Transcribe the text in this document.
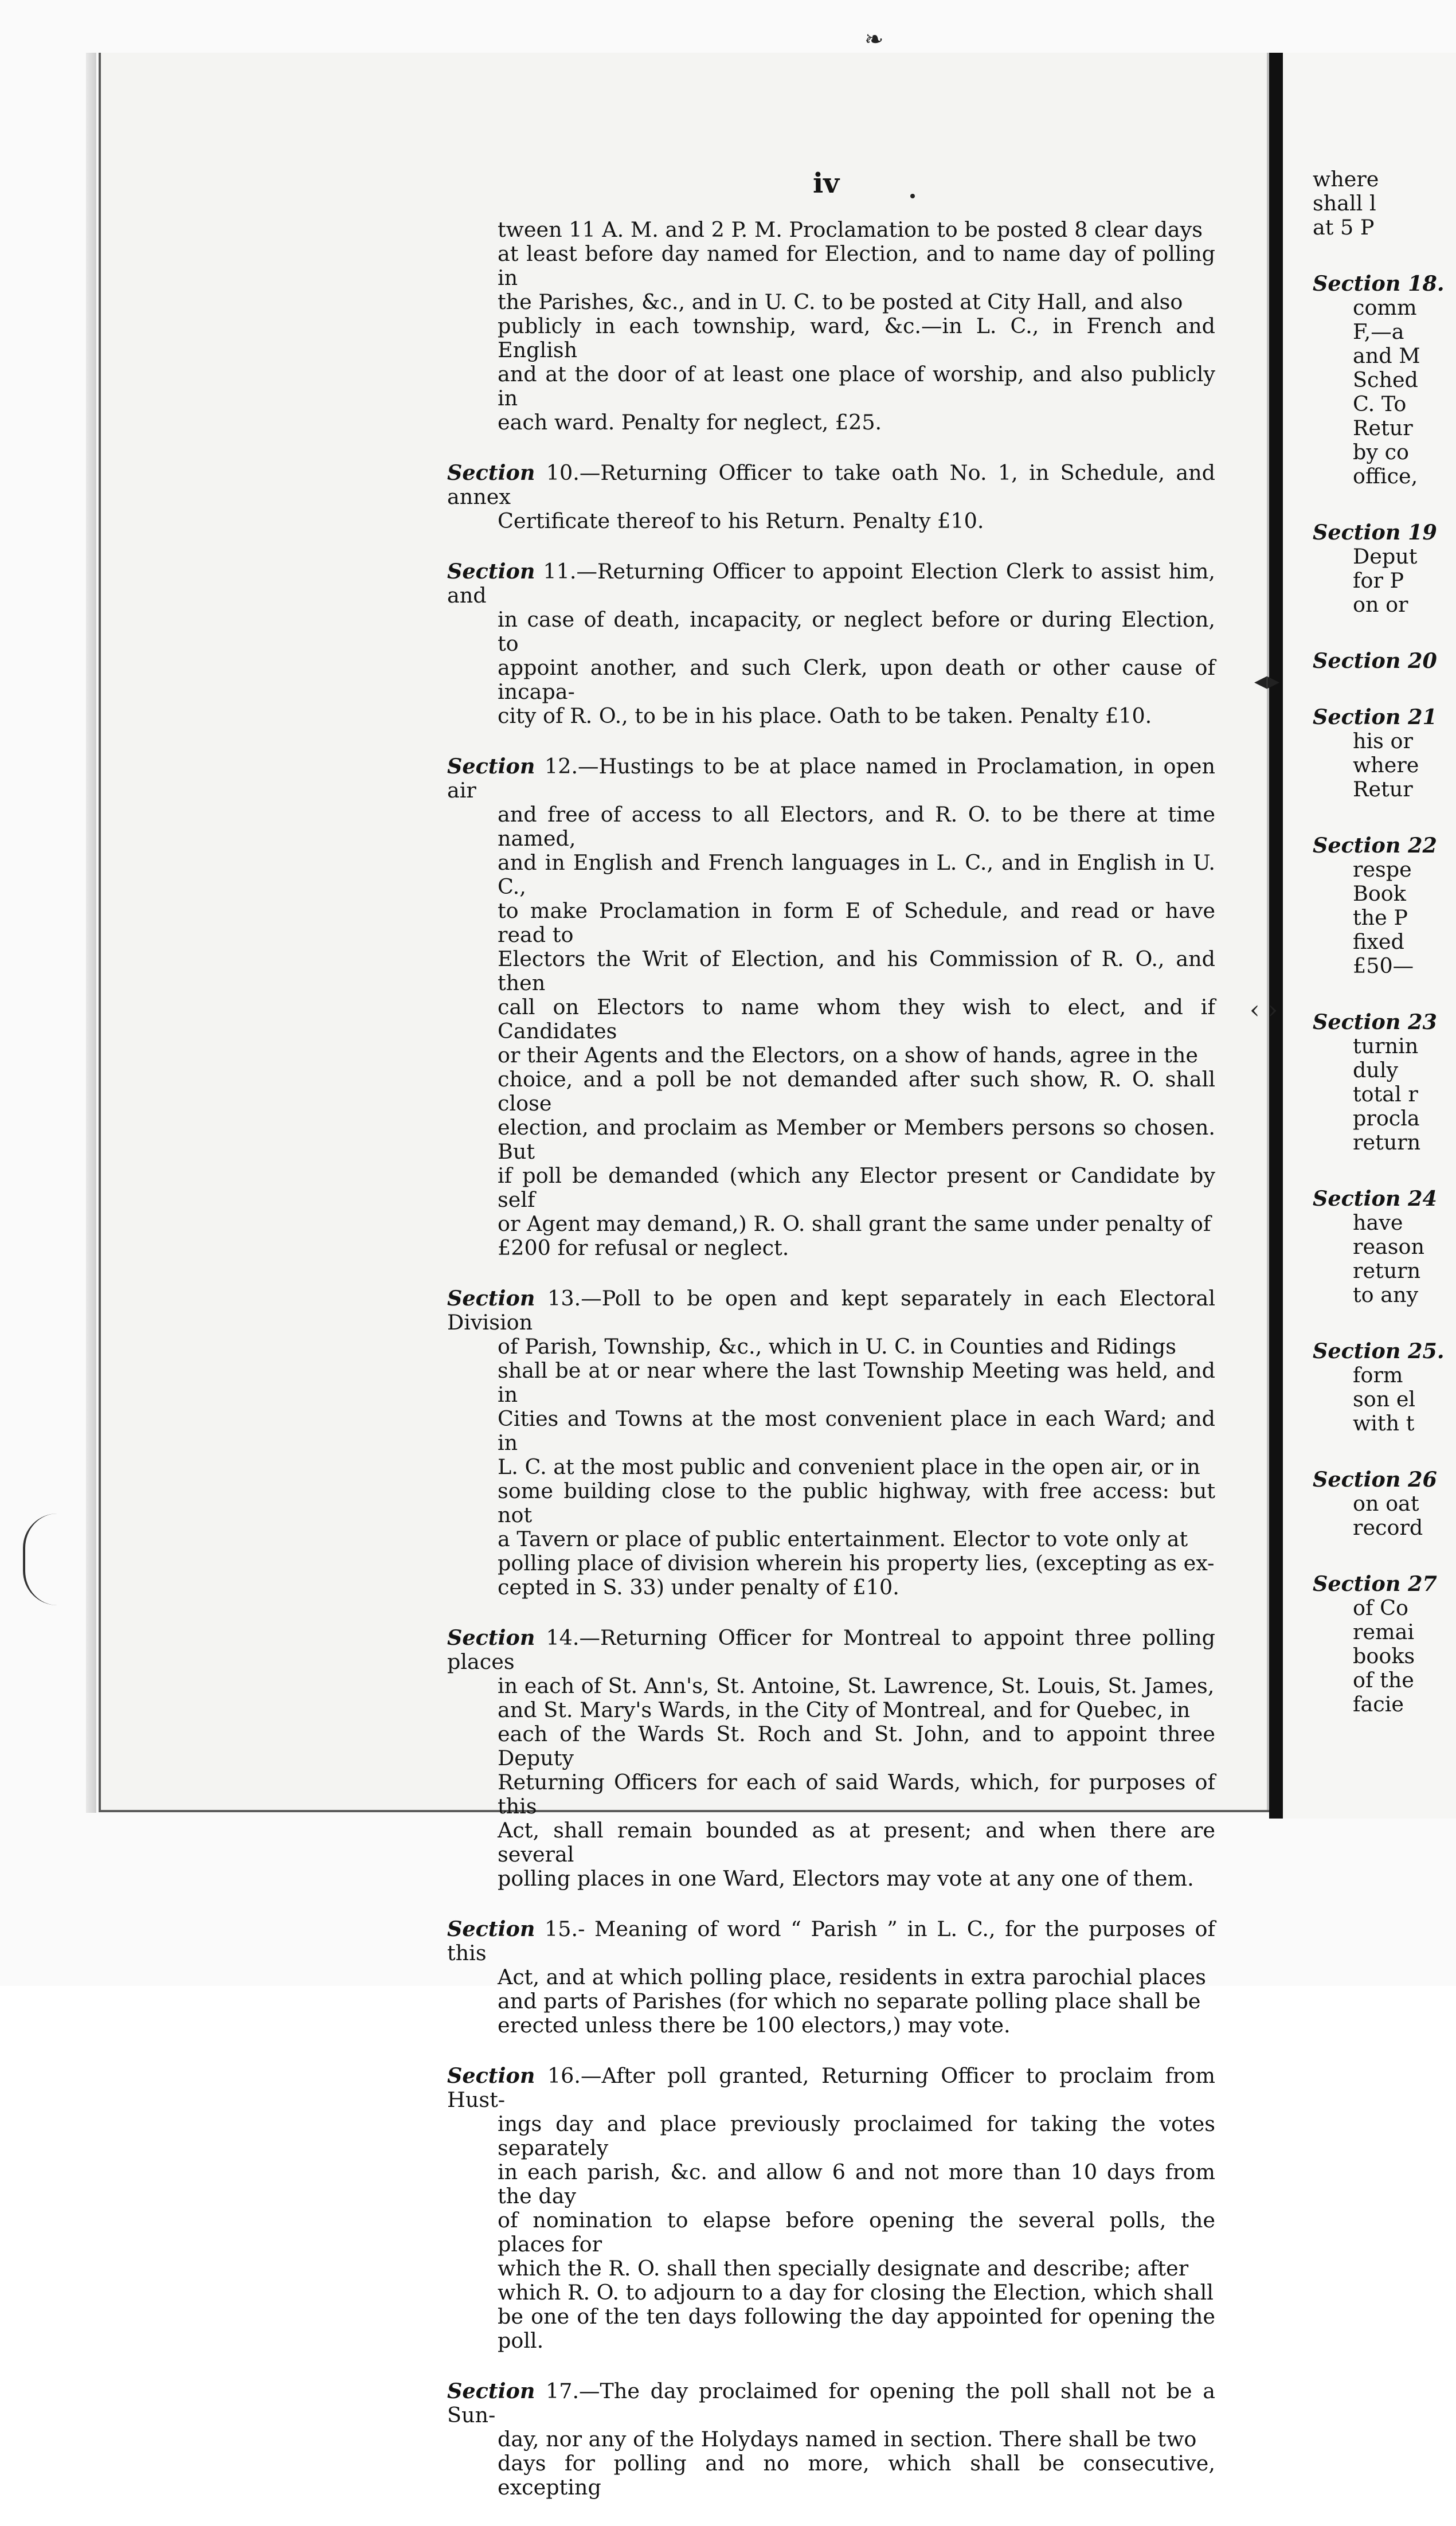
❧
◂▸
‹ ›
iv
tween 11 A. M. and 2 P. M. Proclamation to be posted 8 clear days
at least before day named for Election, and to name day of polling in
the Parishes, &c., and in U. C. to be posted at City Hall, and also
publicly in each township, ward, &c.—in L. C., in French and English
and at the door of at least one place of worship, and also publicly in
each ward. Penalty for neglect, £25.
Section 10.—Returning Officer to take oath No. 1, in Schedule, and annex
Certificate thereof to his Return. Penalty £10.
Section 11.—Returning Officer to appoint Election Clerk to assist him, and
in case of death, incapacity, or neglect before or during Election, to
appoint another, and such Clerk, upon death or other cause of incapa-
city of R. O., to be in his place. Oath to be taken. Penalty £10.
Section 12.—Hustings to be at place named in Proclamation, in open air
and free of access to all Electors, and R. O. to be there at time named,
and in English and French languages in L. C., and in English in U. C.,
to make Proclamation in form E of Schedule, and read or have read to
Electors the Writ of Election, and his Commission of R. O., and then
call on Electors to name whom they wish to elect, and if Candidates
or their Agents and the Electors, on a show of hands, agree in the
choice, and a poll be not demanded after such show, R. O. shall close
election, and proclaim as Member or Members persons so chosen. But
if poll be demanded (which any Elector present or Candidate by self
or Agent may demand,) R. O. shall grant the same under penalty of
£200 for refusal or neglect.
Section 13.—Poll to be open and kept separately in each Electoral Division
of Parish, Township, &c., which in U. C. in Counties and Ridings
shall be at or near where the last Township Meeting was held, and in
Cities and Towns at the most convenient place in each Ward; and in
L. C. at the most public and convenient place in the open air, or in
some building close to the public highway, with free access: but not
a Tavern or place of public entertainment. Elector to vote only at
polling place of division wherein his property lies, (excepting as ex-
cepted in S. 33) under penalty of £10.
Section 14.—Returning Officer for Montreal to appoint three polling places
in each of St. Ann's, St. Antoine, St. Lawrence, St. Louis, St. James,
and St. Mary's Wards, in the City of Montreal, and for Quebec, in
each of the Wards St. Roch and St. John, and to appoint three Deputy
Returning Officers for each of said Wards, which, for purposes of this
Act, shall remain bounded as at present; and when there are several
polling places in one Ward, Electors may vote at any one of them.
Section 15.- Meaning of word “ Parish ” in L. C., for the purposes of this
Act, and at which polling place, residents in extra parochial places
and parts of Parishes (for which no separate polling place shall be
erected unless there be 100 electors,) may vote.
Section 16.—After poll granted, Returning Officer to proclaim from Hust-
ings day and place previously proclaimed for taking the votes separately
in each parish, &c. and allow 6 and not more than 10 days from the day
of nomination to elapse before opening the several polls, the places for
which the R. O. shall then specially designate and describe; after
which R. O. to adjourn to a day for closing the Election, which shall
be one of the ten days following the day appointed for opening the poll.
Section 17.—The day proclaimed for opening the poll shall not be a Sun-
day, nor any of the Holydays named in section. There shall be two
days for polling and no more, which shall be consecutive, excepting
where
shall l
at 5 P
Section 18.
comm
F,—a
and M
Sched
C. To
Retur
by co
office,
Section 19
Deput
for P
on or
Section 20
Section 21
his or
where
Retur
Section 22
respe
Book
the P
fixed
£50—
Section 23
turnin
duly
total r
procla
return
Section 24
have
reason
return
to any
Section 25.
form
son el
with t
Section 26
on oat
record
Section 27
of Co
remai
books
of the
facie
